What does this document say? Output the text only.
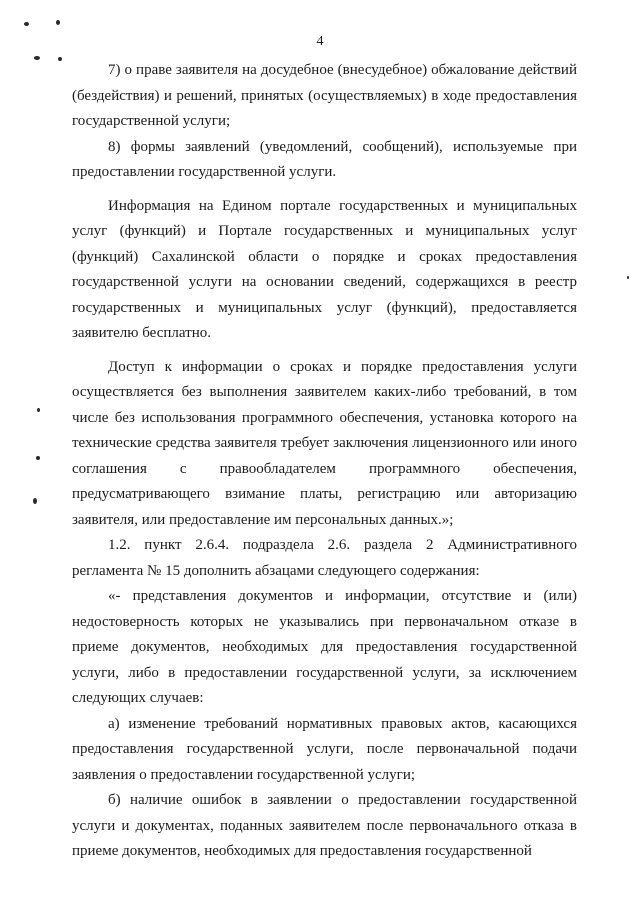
4

7) о праве заявителя на досудебное (внесудебное) обжалование действий (бездействия) и решений, принятых (осуществляемых) в ходе предоставления государственной услуги;

8) формы заявлений (уведомлений, сообщений), используемые при предоставлении государственной услуги.

Информация на Едином портале государственных и муниципальных услуг (функций) и Портале государственных и муниципальных услуг (функций) Сахалинской области о порядке и сроках предоставления государственной услуги на основании сведений, содержащихся в реестр государственных и муниципальных услуг (функций), предоставляется заявителю бесплатно.

Доступ к информации о сроках и порядке предоставления услуги осуществляется без выполнения заявителем каких-либо требований, в том числе без использования программного обеспечения, установка которого на технические средства заявителя требует заключения лицензионного или иного соглашения с правообладателем программного обеспечения, предусматривающего взимание платы, регистрацию или авторизацию заявителя, или предоставление им персональных данных.»;

1.2. пункт 2.6.4. подраздела 2.6. раздела 2 Административного регламента № 15 дополнить абзацами следующего содержания:

«- представления документов и информации, отсутствие и (или) недостоверность которых не указывались при первоначальном отказе в приеме документов, необходимых для предоставления государственной услуги, либо в предоставлении государственной услуги, за исключением следующих случаев:

а) изменение требований нормативных правовых актов, касающихся предоставления государственной услуги, после первоначальной подачи заявления о предоставлении государственной услуги;

б) наличие ошибок в заявлении о предоставлении государственной услуги и документах, поданных заявителем после первоначального отказа в приеме документов, необходимых для предоставления государственной
